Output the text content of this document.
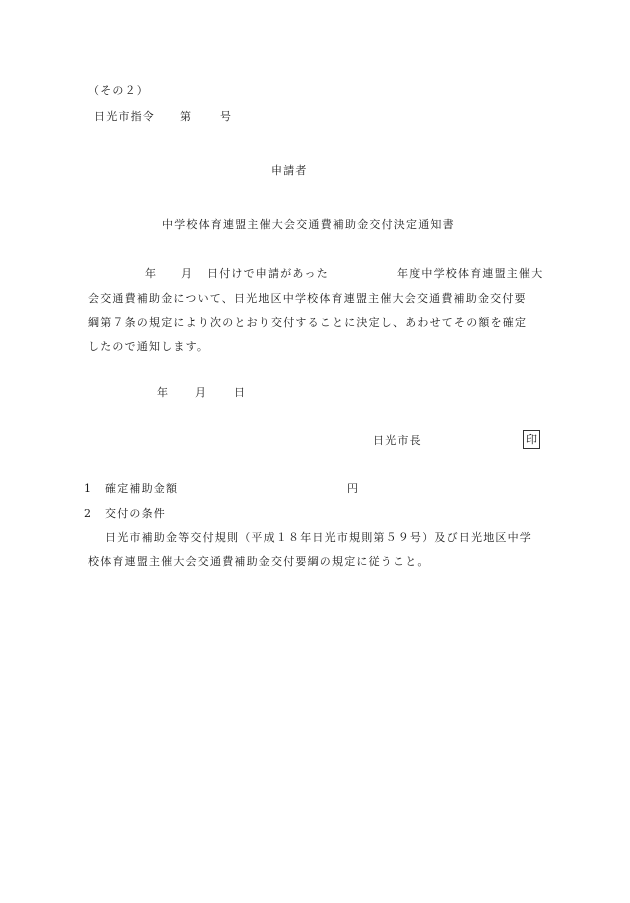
（その２）
日光市指令 第	号
申請者
中学校体育連盟主催大会交通費補助金交付決定通知書
年 月 日付けで申請があった	年度中学校体育連盟主催大
会交通費補助金について、日光地区中学校体育連盟主催大会交通費補助金交付要
綱第７条の規定により次のとおり交付することに決定し、あわせてその額を確定
したので通知します。
年 月 日
日光市長	印
1 確定補助金額	円
2 交付の条件
日光市補助金等交付規則（平成１８年日光市規則第５９号）及び日光地区中学
校体育連盟主催大会交通費補助金交付要綱の規定に従うこと。
